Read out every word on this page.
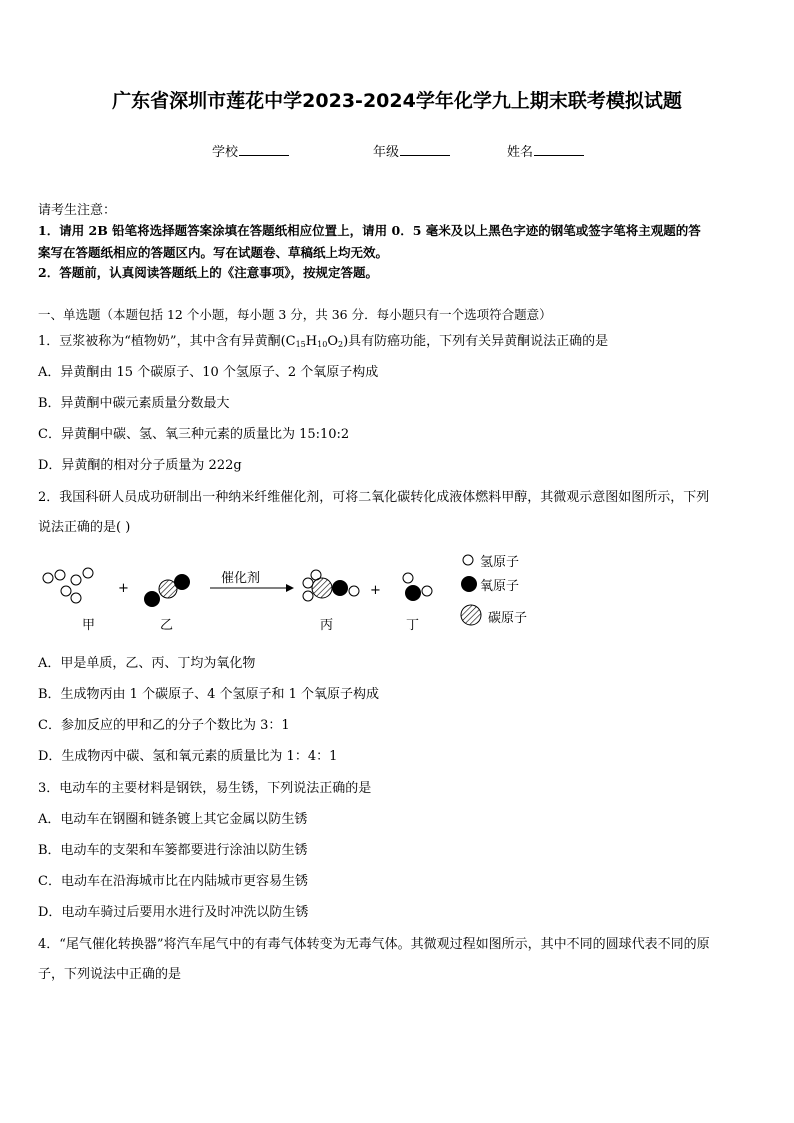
广东省深圳市莲花中学2023-2024学年化学九上期末联考模拟试题
学校	年级	姓名
请考生注意：
1．请用 2B 铅笔将选择题答案涂填在答题纸相应位置上，请用 0．5 毫米及以上黑色字迹的钢笔或签字笔将主观题的答
案写在答题纸相应的答题区内。写在试题卷、草稿纸上均无效。
2．答题前，认真阅读答题纸上的《注意事项》，按规定答题。
一、单选题（本题包括 12 个小题，每小题 3 分，共 36 分．每小题只有一个选项符合题意）
1．豆浆被称为“植物奶”，其中含有异黄酮$(C_{15}H_{10}O_2)$具有防癌功能，下列有关异黄酮说法正确的是
A．异黄酮由 15 个碳原子、10 个氢原子、2 个氧原子构成
B．异黄酮中碳元素质量分数最大
C．异黄酮中碳、氢、氧三种元素的质量比为 15:10:2
D．异黄酮的相对分子质量为 222g
2．我国科研人员成功研制出一种纳米纤维催化剂，可将二氧化碳转化成液体燃料甲醇，其微观示意图如图所示，下列
说法正确的是( )
+
催化剂
+
甲	乙	丙	丁
氢原子
氧原子
碳原子
A．甲是单质，乙、丙、丁均为氧化物
B．生成物丙由 1 个碳原子、4 个氢原子和 1 个氧原子构成
C．参加反应的甲和乙的分子个数比为 3：1
D．生成物丙中碳、氢和氧元素的质量比为 1：4：1
3．电动车的主要材料是钢铁，易生锈，下列说法正确的是
A．电动车在钢圈和链条镀上其它金属以防生锈
B．电动车的支架和车篓都要进行涂油以防生锈
C．电动车在沿海城市比在内陆城市更容易生锈
D．电动车骑过后要用水进行及时冲洗以防生锈
4．“尾气催化转换器”将汽车尾气中的有毒气体转变为无毒气体。其微观过程如图所示，其中不同的圆球代表不同的原
子，下列说法中正确的是
